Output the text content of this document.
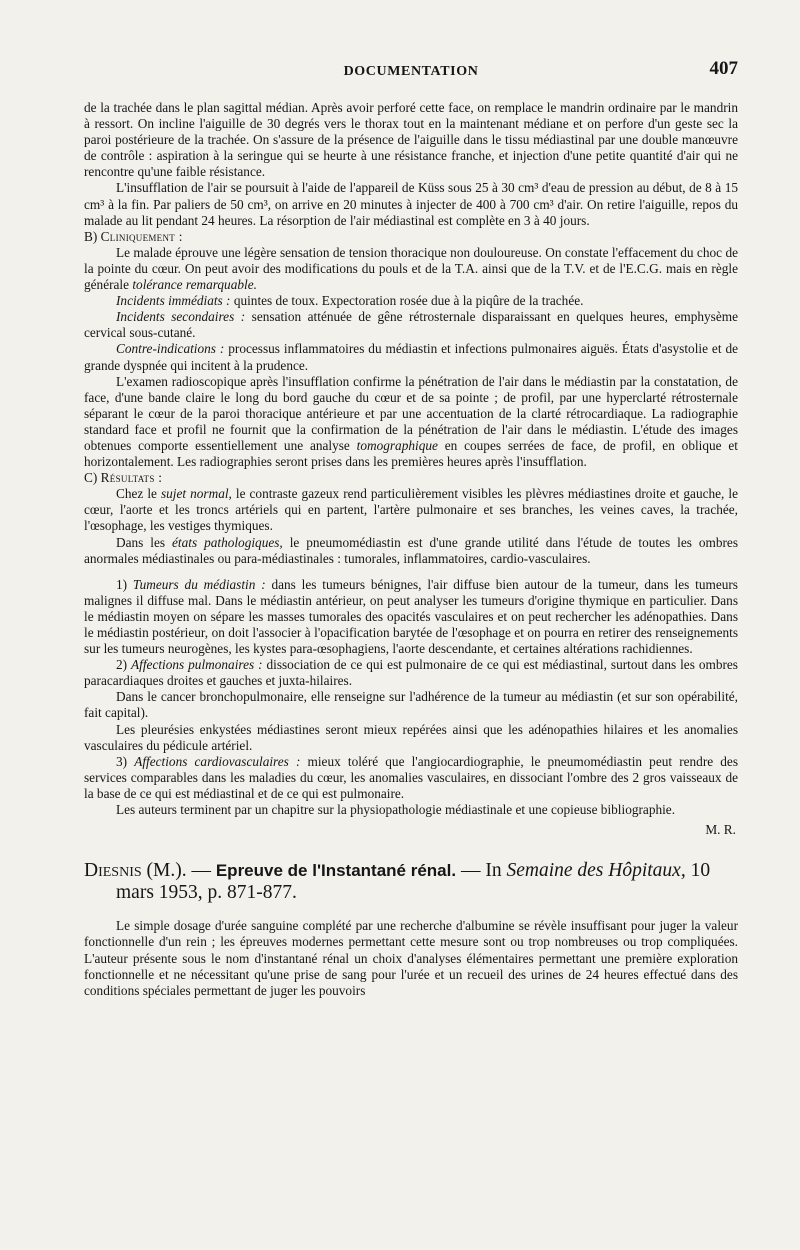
DOCUMENTATION	407

de la trachée dans le plan sagittal médian. Après avoir perforé cette face, on remplace le mandrin ordinaire par le mandrin à ressort. On incline l'aiguille de 30 degrés vers le thorax tout en la maintenant médiane et on perfore d'un geste sec la paroi postérieure de la trachée. On s'assure de la présence de l'aiguille dans le tissu médiastinal par une double manœuvre de contrôle : aspiration à la seringue qui se heurte à une résistance franche, et injection d'une petite quantité d'air qui ne rencontre qu'une faible résistance.

L'insufflation de l'air se poursuit à l'aide de l'appareil de Küss sous 25 à 30 cm³ d'eau de pression au début, de 8 à 15 cm³ à la fin. Par paliers de 50 cm³, on arrive en 20 minutes à injecter de 400 à 700 cm³ d'air. On retire l'aiguille, repos du malade au lit pendant 24 heures. La résorption de l'air médiastinal est complète en 3 à 40 jours.

B) Cliniquement :

Le malade éprouve une légère sensation de tension thoracique non douloureuse. On constate l'effacement du choc de la pointe du cœur. On peut avoir des modifications du pouls et de la T.A. ainsi que de la T.V. et de l'E.C.G. mais en règle générale tolérance remarquable.

Incidents immédiats : quintes de toux. Expectoration rosée due à la piqûre de la trachée.

Incidents secondaires : sensation atténuée de gêne rétrosternale disparaissant en quelques heures, emphysème cervical sous-cutané.

Contre-indications : processus inflammatoires du médiastin et infections pulmonaires aiguës. États d'asystolie et de grande dyspnée qui incitent à la prudence.

L'examen radioscopique après l'insufflation confirme la pénétration de l'air dans le médiastin par la constatation, de face, d'une bande claire le long du bord gauche du cœur et de sa pointe ; de profil, par une hyperclarté rétrosternale séparant le cœur de la paroi thoracique antérieure et par une accentuation de la clarté rétrocardiaque. La radiographie standard face et profil ne fournit que la confirmation de la pénétration de l'air dans le médiastin. L'étude des images obtenues comporte essentiellement une analyse tomographique en coupes serrées de face, de profil, en oblique et horizontalement. Les radiographies seront prises dans les premières heures après l'insufflation.

C) Résultats :

Chez le sujet normal, le contraste gazeux rend particulièrement visibles les plèvres médiastines droite et gauche, le cœur, l'aorte et les troncs artériels qui en partent, l'artère pulmonaire et ses branches, les veines caves, la trachée, l'œsophage, les vestiges thymiques.

Dans les états pathologiques, le pneumomédiastin est d'une grande utilité dans l'étude de toutes les ombres anormales médiastinales ou para-médiastinales : tumorales, inflammatoires, cardio-vasculaires.

1) Tumeurs du médiastin : dans les tumeurs bénignes, l'air diffuse bien autour de la tumeur, dans les tumeurs malignes il diffuse mal. Dans le médiastin antérieur, on peut analyser les tumeurs d'origine thymique en particulier. Dans le médiastin moyen on sépare les masses tumorales des opacités vasculaires et on peut rechercher les adénopathies. Dans le médiastin postérieur, on doit l'associer à l'opacification barytée de l'œsophage et on pourra en retirer des renseignements sur les tumeurs neurogènes, les kystes para-œsophagiens, l'aorte descendante, et certaines altérations rachidiennes.

2) Affections pulmonaires : dissociation de ce qui est pulmonaire de ce qui est médiastinal, surtout dans les ombres paracardiaques droites et gauches et juxta-hilaires.

Dans le cancer bronchopulmonaire, elle renseigne sur l'adhérence de la tumeur au médiastin (et sur son opérabilité, fait capital).

Les pleurésies enkystées médiastines seront mieux repérées ainsi que les adénopathies hilaires et les anomalies vasculaires du pédicule artériel.

3) Affections cardiovasculaires : mieux toléré que l'angiocardiographie, le pneumomédiastin peut rendre des services comparables dans les maladies du cœur, les anomalies vasculaires, en dissociant l'ombre des 2 gros vaisseaux de la base de ce qui est médiastinal et de ce qui est pulmonaire.

Les auteurs terminent par un chapitre sur la physiopathologie médiastinale et une copieuse bibliographie.

M. R.

Diesnis (M.). — Epreuve de l'Instantané rénal. — In Semaine des Hôpitaux, 10 mars 1953, p. 871-877.

Le simple dosage d'urée sanguine complété par une recherche d'albumine se révèle insuffisant pour juger la valeur fonctionnelle d'un rein ; les épreuves modernes permettant cette mesure sont ou trop nombreuses ou trop compliquées. L'auteur présente sous le nom d'instantané rénal un choix d'analyses élémentaires permettant une première exploration fonctionnelle et ne nécessitant qu'une prise de sang pour l'urée et un recueil des urines de 24 heures effectué dans des conditions spéciales permettant de juger les pouvoirs
